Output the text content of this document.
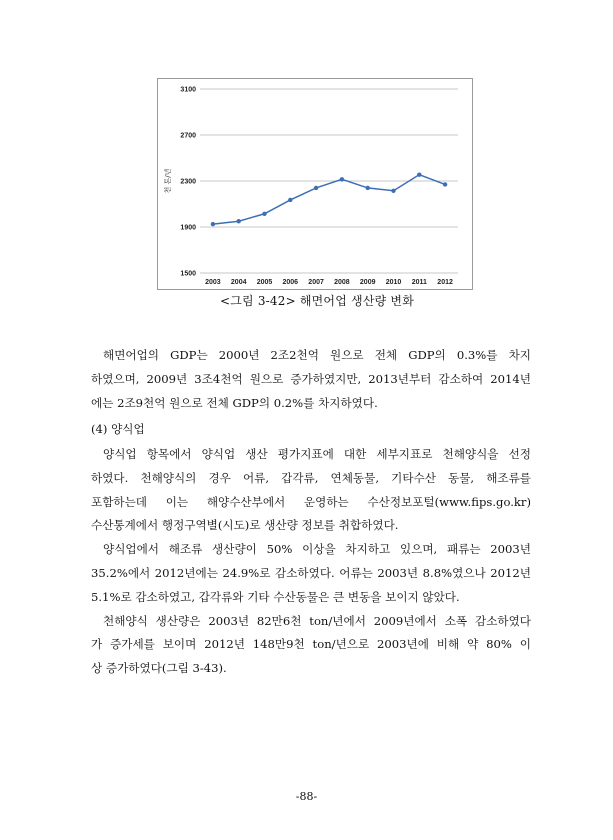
1500
1900
2300
2700
3100
2003 2004 2005 2006 2007 2008 2009 2010 2011 2012
천 톤/년
<그림 3-42> 해면어업 생산량 변화
해면어업의 GDP는 2000년 2조2천억 원으로 전체 GDP의 0.3%를 차지
하였으며, 2009년 3조4천억 원으로 증가하였지만, 2013년부터 감소하여 2014년
에는 2조9천억 원으로 전체 GDP의 0.2%를 차지하였다.
(4) 양식업
양식업 항목에서 양식업 생산 평가지표에 대한 세부지표로 천해양식을 선정
하였다. 천해양식의 경우 어류, 갑각류, 연체동물, 기타수산 동물, 해조류를
포함하는데 이는 해양수산부에서 운영하는 수산정보포털(www.fips.go.kr)
수산통계에서 행정구역별(시도)로 생산량 정보를 취합하였다.
양식업에서 해조류 생산량이 50% 이상을 차지하고 있으며, 패류는 2003년
35.2%에서 2012년에는 24.9%로 감소하였다. 어류는 2003년 8.8%였으나 2012년
5.1%로 감소하였고, 갑각류와 기타 수산동물은 큰 변동을 보이지 않았다.
천해양식 생산량은 2003년 82만6천 ton/년에서 2009년에서 소폭 감소하였다
가 증가세를 보이며 2012년 148만9천 ton/년으로 2003년에 비해 약 80% 이
상 증가하였다(그림 3-43).
-88-
